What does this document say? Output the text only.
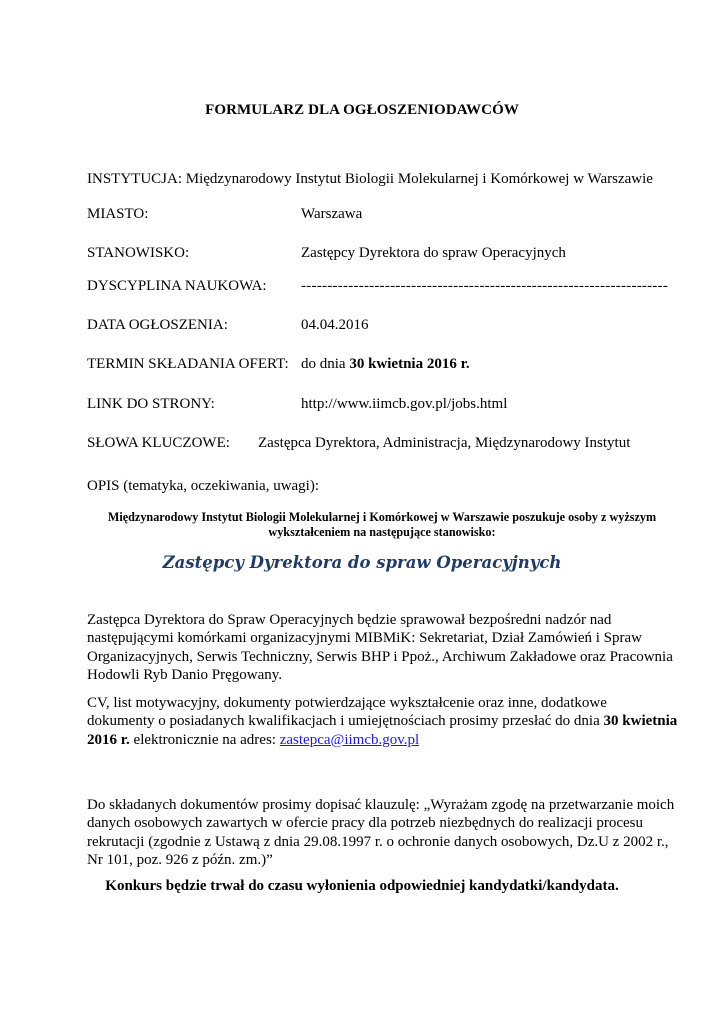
FORMULARZ DLA OGŁOSZENIODAWCÓW
INSTYTUCJA: Międzynarodowy Instytut Biologii Molekularnej i Komórkowej w Warszawie
MIASTO:	Warszawa
STANOWISKO:	Zastępcy Dyrektora do spraw Operacyjnych
DYSCYPLINA NAUKOWA: ----------------------------------------------------------------------
DATA OGŁOSZENIA:	04.04.2016
TERMIN SKŁADANIA OFERT: do dnia 30 kwietnia 2016 r.
LINK DO STRONY:	http://www.iimcb.gov.pl/jobs.html
SŁOWA KLUCZOWE: Zastępca Dyrektora, Administracja, Międzynarodowy Instytut
OPIS (tematyka, oczekiwania, uwagi):
Międzynarodowy Instytut Biologii Molekularnej i Komórkowej w Warszawie poszukuje osoby z wyższym wykształceniem na następujące stanowisko:
Zastępcy Dyrektora do spraw Operacyjnych
Zastępca Dyrektora do Spraw Operacyjnych będzie sprawował bezpośredni nadzór nad
następującymi komórkami organizacyjnymi MIBMiK: Sekretariat, Dział Zamówień i Spraw
Organizacyjnych, Serwis Techniczny, Serwis BHP i Ppoż., Archiwum Zakładowe oraz Pracownia
Hodowli Ryb Danio Pręgowany.
CV, list motywacyjny, dokumenty potwierdzające wykształcenie oraz inne, dodatkowe
dokumenty o posiadanych kwalifikacjach i umiejętnościach prosimy przesłać do dnia 30 kwietnia
2016 r. elektronicznie na adres: zastepca@iimcb.gov.pl
Do składanych dokumentów prosimy dopisać klauzulę: „Wyrażam zgodę na przetwarzanie moich
danych osobowych zawartych w ofercie pracy dla potrzeb niezbędnych do realizacji procesu
rekrutacji (zgodnie z Ustawą z dnia 29.08.1997 r. o ochronie danych osobowych, Dz.U z 2002 r.,
Nr 101, poz. 926 z późn. zm.)”
Konkurs będzie trwał do czasu wyłonienia odpowiedniej kandydatki/kandydata.
